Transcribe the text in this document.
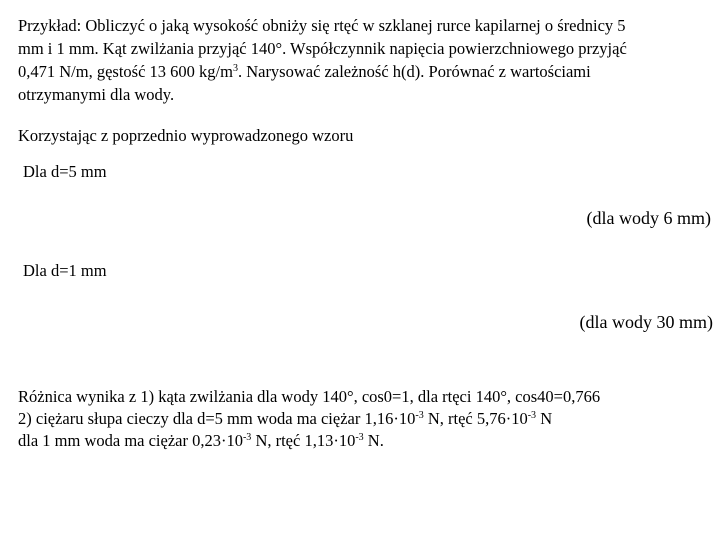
Przykład: Obliczyć o jaką wysokość obniży się rtęć w szklanej rurce kapilarnej o średnicy 5
mm i 1 mm. Kąt zwilżania przyjąć 140°. Współczynnik napięcia powierzchniowego przyjąć
0,471 N/m, gęstość 13 600 $kg/m^3$. Narysować zależność h(d). Porównać z wartościami
otrzymanymi dla wody.
Korzystając z poprzednio wyprowadzonego wzoru
Dla d=5 mm
(dla wody 6 mm)
Dla d=1 mm
(dla wody 30 mm)
Różnica wynika z 1) kąta zwilżania dla wody 140°, cos0=1, dla rtęci 140°, cos40=0,766
2) ciężaru słupa cieczy dla d=5 mm woda ma ciężar $1,16\cdot 10^{-3}$ N, rtęć $5,76\cdot 10^{-3}$ N
dla 1 mm woda ma ciężar $0,23\cdot 10^{-3}$ N, rtęć $1,13\cdot 10^{-3}$ N.
